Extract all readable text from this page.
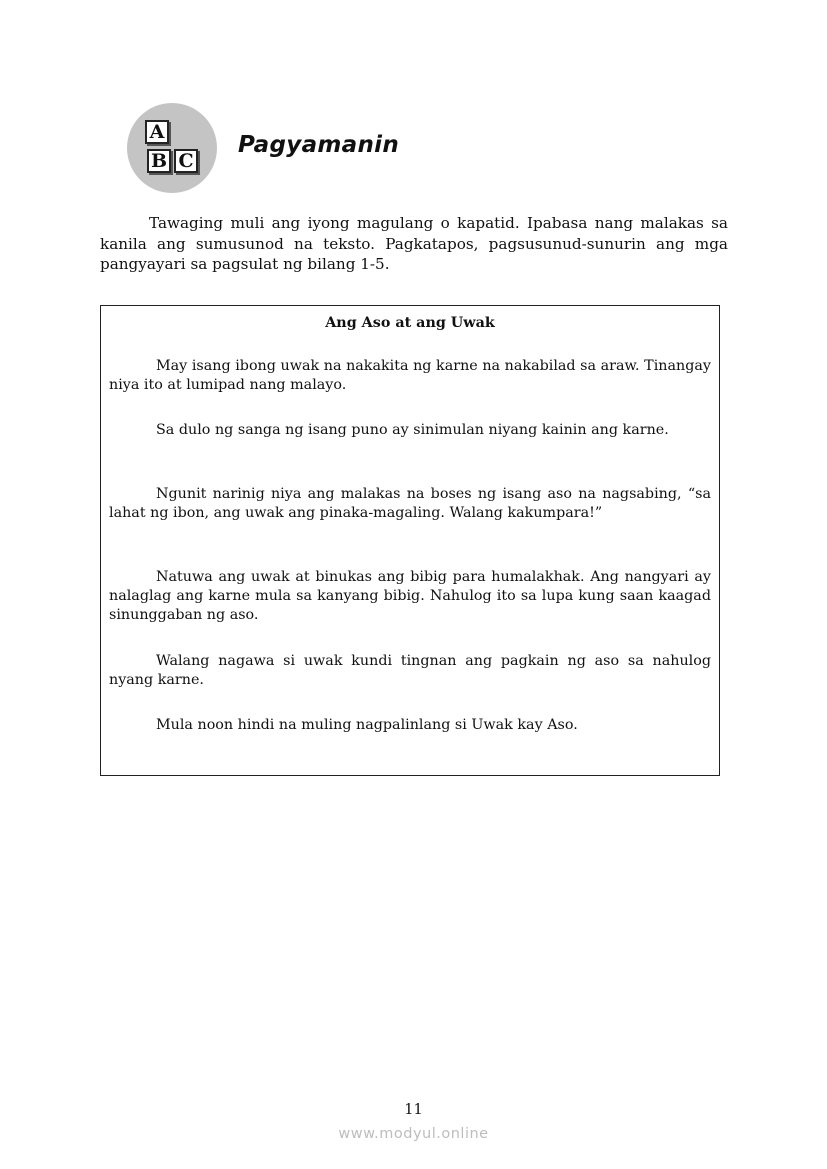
A
B C
Pagyamanin

Tawaging muli ang iyong magulang o kapatid. Ipabasa nang malakas sa kanila ang sumusunod na teksto. Pagkatapos, pagsusunud-sunurin ang mga pangyayari sa pagsulat ng bilang 1-5.

Ang Aso at ang Uwak

May isang ibong uwak na nakakita ng karne na nakabilad sa araw. Tinangay niya ito at lumipad nang malayo.

Sa dulo ng sanga ng isang puno ay sinimulan niyang kainin ang karne.

Ngunit narinig niya ang malakas na boses ng isang aso na nagsabing, “sa lahat ng ibon, ang uwak ang pinaka-magaling. Walang kakumpara!”

Natuwa ang uwak at binukas ang bibig para humalakhak. Ang nangyari ay nalaglag ang karne mula sa kanyang bibig. Nahulog ito sa lupa kung saan kaagad sinunggaban ng aso.

Walang nagawa si uwak kundi tingnan ang pagkain ng aso sa nahulog nyang karne.

Mula noon hindi na muling nagpalinlang si Uwak kay Aso.

11

www.modyul.online
